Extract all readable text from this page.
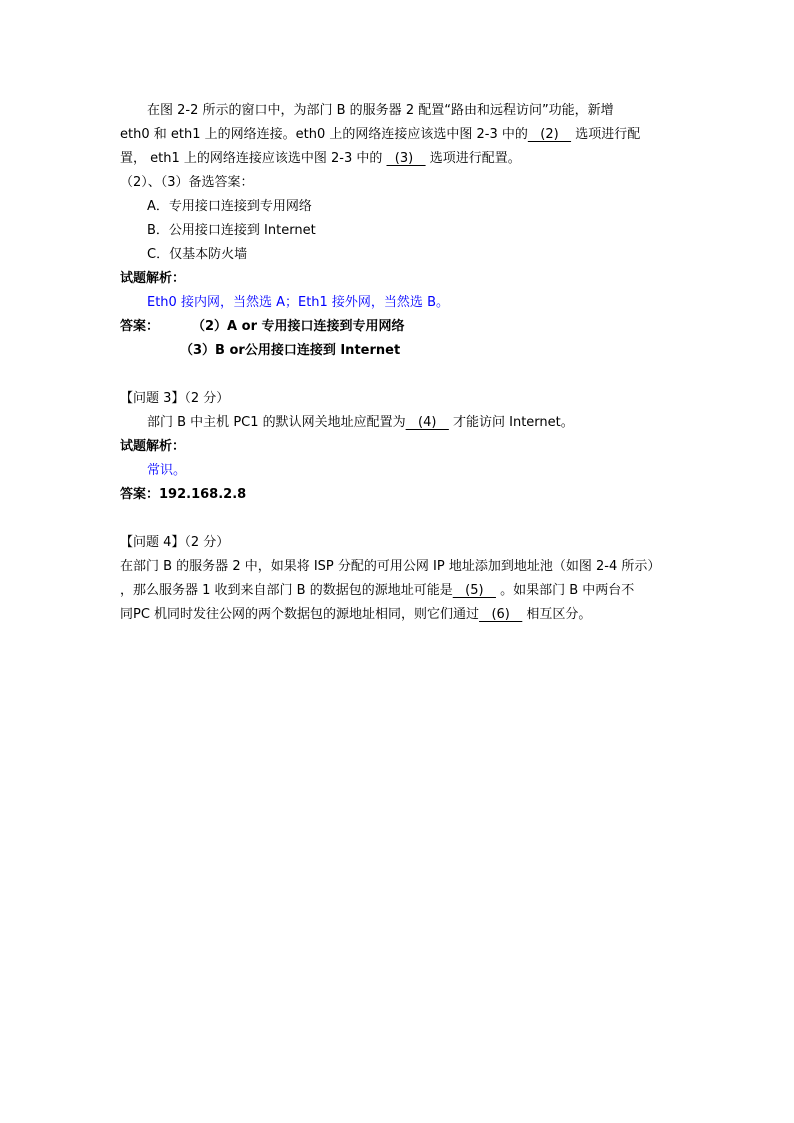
在图 2-2 所示的窗口中，为部门 B 的服务器 2 配置“路由和远程访问”功能，新增
eth0 和 eth1 上的网络连接。eth0 上的网络连接应该选中图 2-3 中的   (2)    选项进行配
置， eth1 上的网络连接应该选中图 2-3 中的   (3)    选项进行配置。
（2）、（3）备选答案：
A．专用接口连接到专用网络
B．公用接口连接到 Internet
C．仅基本防火墙
试题解析：
Eth0 接内网，当然选 A；Eth1 接外网，当然选 B。
答案：	（2）A or 专用接口连接到专用网络
（3）B or公用接口连接到 Internet
【问题 3】（2 分）
部门 B 中主机 PC1 的默认网关地址应配置为   (4)    才能访问 Internet。
试题解析：
常识。
答案：192.168.2.8
【问题 4】（2 分）
在部门 B 的服务器 2 中，如果将 ISP 分配的可用公网 IP 地址添加到地址池（如图 2-4 所示）
，那么服务器 1 收到来自部门 B 的数据包的源地址可能是   (5)    。如果部门 B 中两台不
同PC 机同时发往公网的两个数据包的源地址相同，则它们通过   (6)    相互区分。
